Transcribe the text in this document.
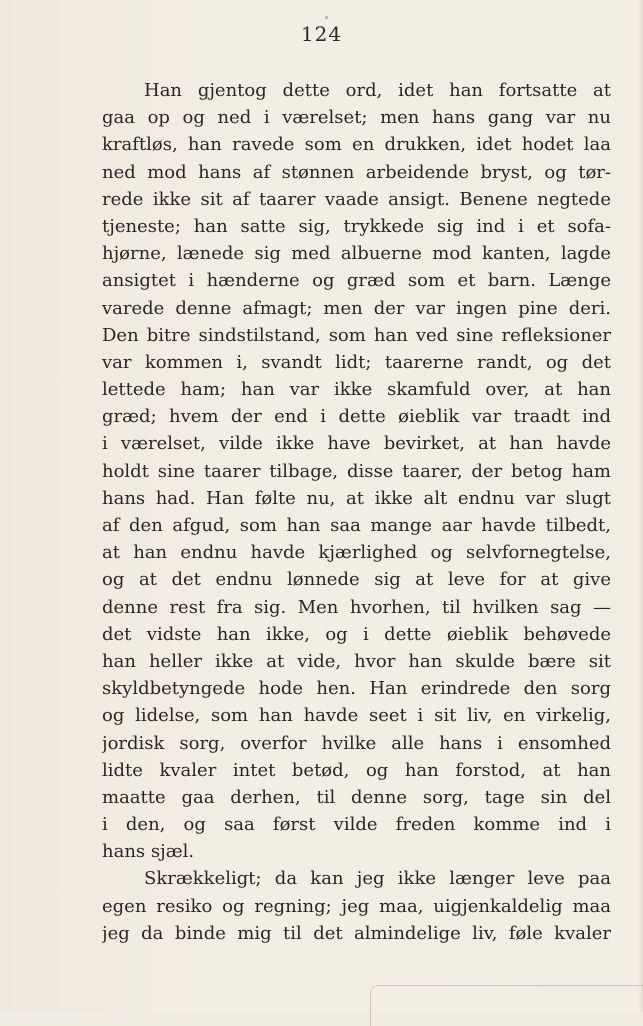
124
Han gjentog dette ord, idet han fortsatte at
gaa op og ned i værelset; men hans gang var nu
kraftløs, han ravede som en drukken, idet hodet laa
ned mod hans af stønnen arbeidende bryst, og tør-
rede ikke sit af taarer vaade ansigt. Benene negtede
tjeneste; han satte sig, trykkede sig ind i et sofa-
hjørne, lænede sig med albuerne mod kanten, lagde
ansigtet i hænderne og græd som et barn. Længe
varede denne afmagt; men der var ingen pine deri.
Den bitre sindstilstand, som han ved sine refleksioner
var kommen i, svandt lidt; taarerne randt, og det
lettede ham; han var ikke skamfuld over, at han
græd; hvem der end i dette øieblik var traadt ind
i værelset, vilde ikke have bevirket, at han havde
holdt sine taarer tilbage, disse taarer, der betog ham
hans had. Han følte nu, at ikke alt endnu var slugt
af den afgud, som han saa mange aar havde tilbedt,
at han endnu havde kjærlighed og selvfornegtelse,
og at det endnu lønnede sig at leve for at give
denne rest fra sig. Men hvorhen, til hvilken sag —
det vidste han ikke, og i dette øieblik behøvede
han heller ikke at vide, hvor han skulde bære sit
skyldbetyngede hode hen. Han erindrede den sorg
og lidelse, som han havde seet i sit liv, en virkelig,
jordisk sorg, overfor hvilke alle hans i ensomhed
lidte kvaler intet betød, og han forstod, at han
maatte gaa derhen, til denne sorg, tage sin del
i den, og saa først vilde freden komme ind i
hans sjæl.
Skrækkeligt; da kan jeg ikke længer leve paa
egen resiko og regning; jeg maa, uigjenkaldelig maa
jeg da binde mig til det almindelige liv, føle kvaler
